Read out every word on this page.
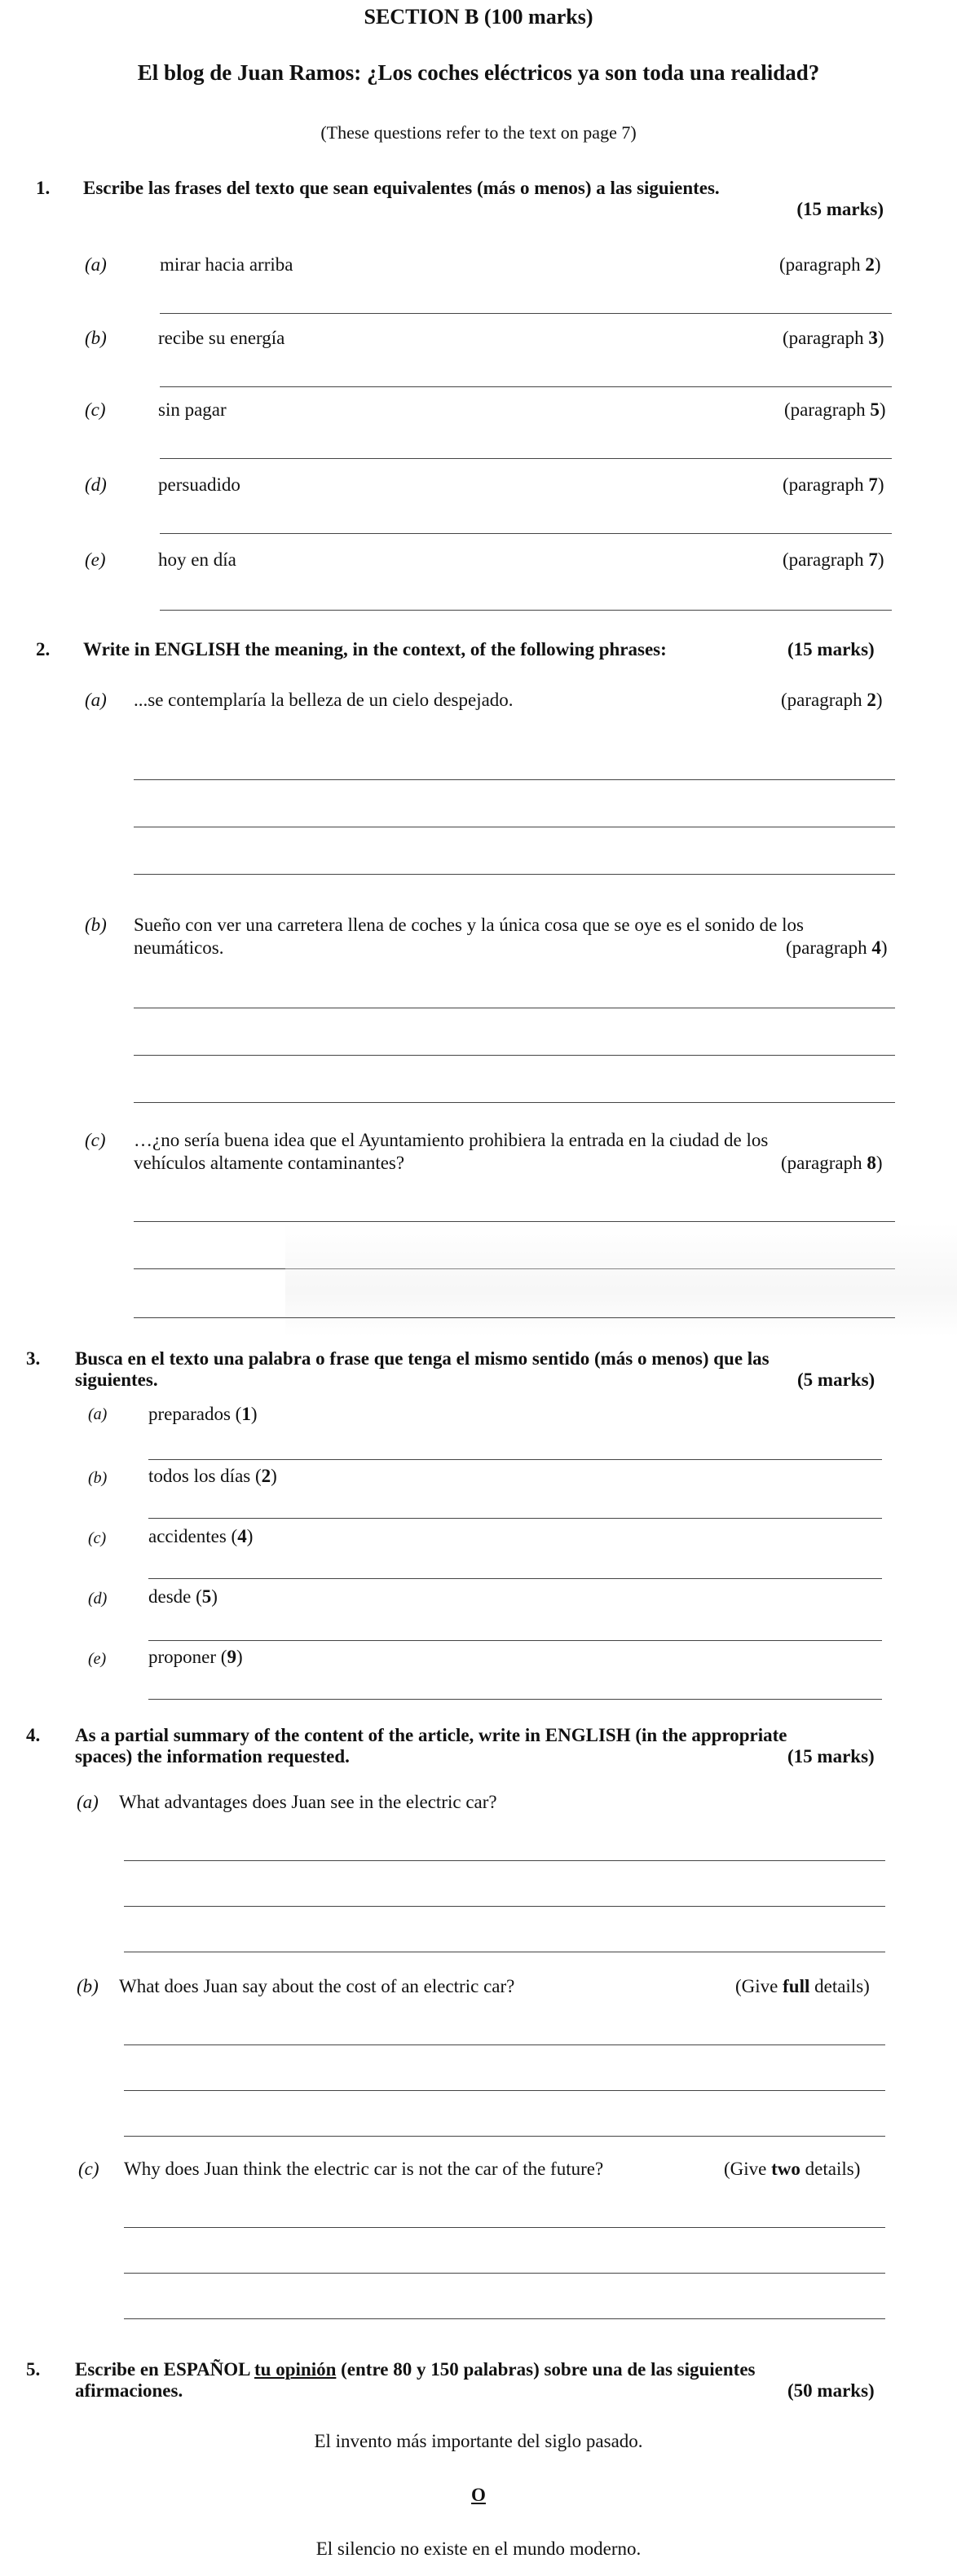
SECTION B (100 marks)
El blog de Juan Ramos: ¿Los coches eléctricos ya son toda una realidad?
(These questions refer to the text on page 7)
1. Escribe las frases del texto que sean equivalentes (más o menos) a las siguientes.
(15 marks)
(a)	mirar hacia arriba	(paragraph 2)
(b)	recibe su energía	(paragraph 3)
(c)	sin pagar	(paragraph 5)
(d)	persuadido	(paragraph 7)
(e)	hoy en día	(paragraph 7)
2. Write in ENGLISH the meaning, in the context, of the following phrases:	(15 marks)
(a) ...se contemplaría la belleza de un cielo despejado.	(paragraph 2)
(b) Sueño con ver una carretera llena de coches y la única cosa que se oye es el sonido de los
neumáticos.	(paragraph 4)
(c) …¿no sería buena idea que el Ayuntamiento prohibiera la entrada en la ciudad de los
vehículos altamente contaminantes?	(paragraph 8)
3. Busca en el texto una palabra o frase que tenga el mismo sentido (más o menos) que las
siguientes.	(5 marks)
(a) preparados (1)
(b) todos los días (2)
(c) accidentes (4)
(d) desde (5)
(e) proponer (9)
4. As a partial summary of the content of the article, write in ENGLISH (in the appropriate
spaces) the information requested.	(15 marks)
(a) What advantages does Juan see in the electric car?
(b) What does Juan say about the cost of an electric car?	(Give full details)
(c) Why does Juan think the electric car is not the car of the future?	(Give two details)
5. Escribe en ESPAÑOL tu opinión (entre 80 y 150 palabras) sobre una de las siguientes
afirmaciones.	(50 marks)
El invento más importante del siglo pasado.
O
El silencio no existe en el mundo moderno.
